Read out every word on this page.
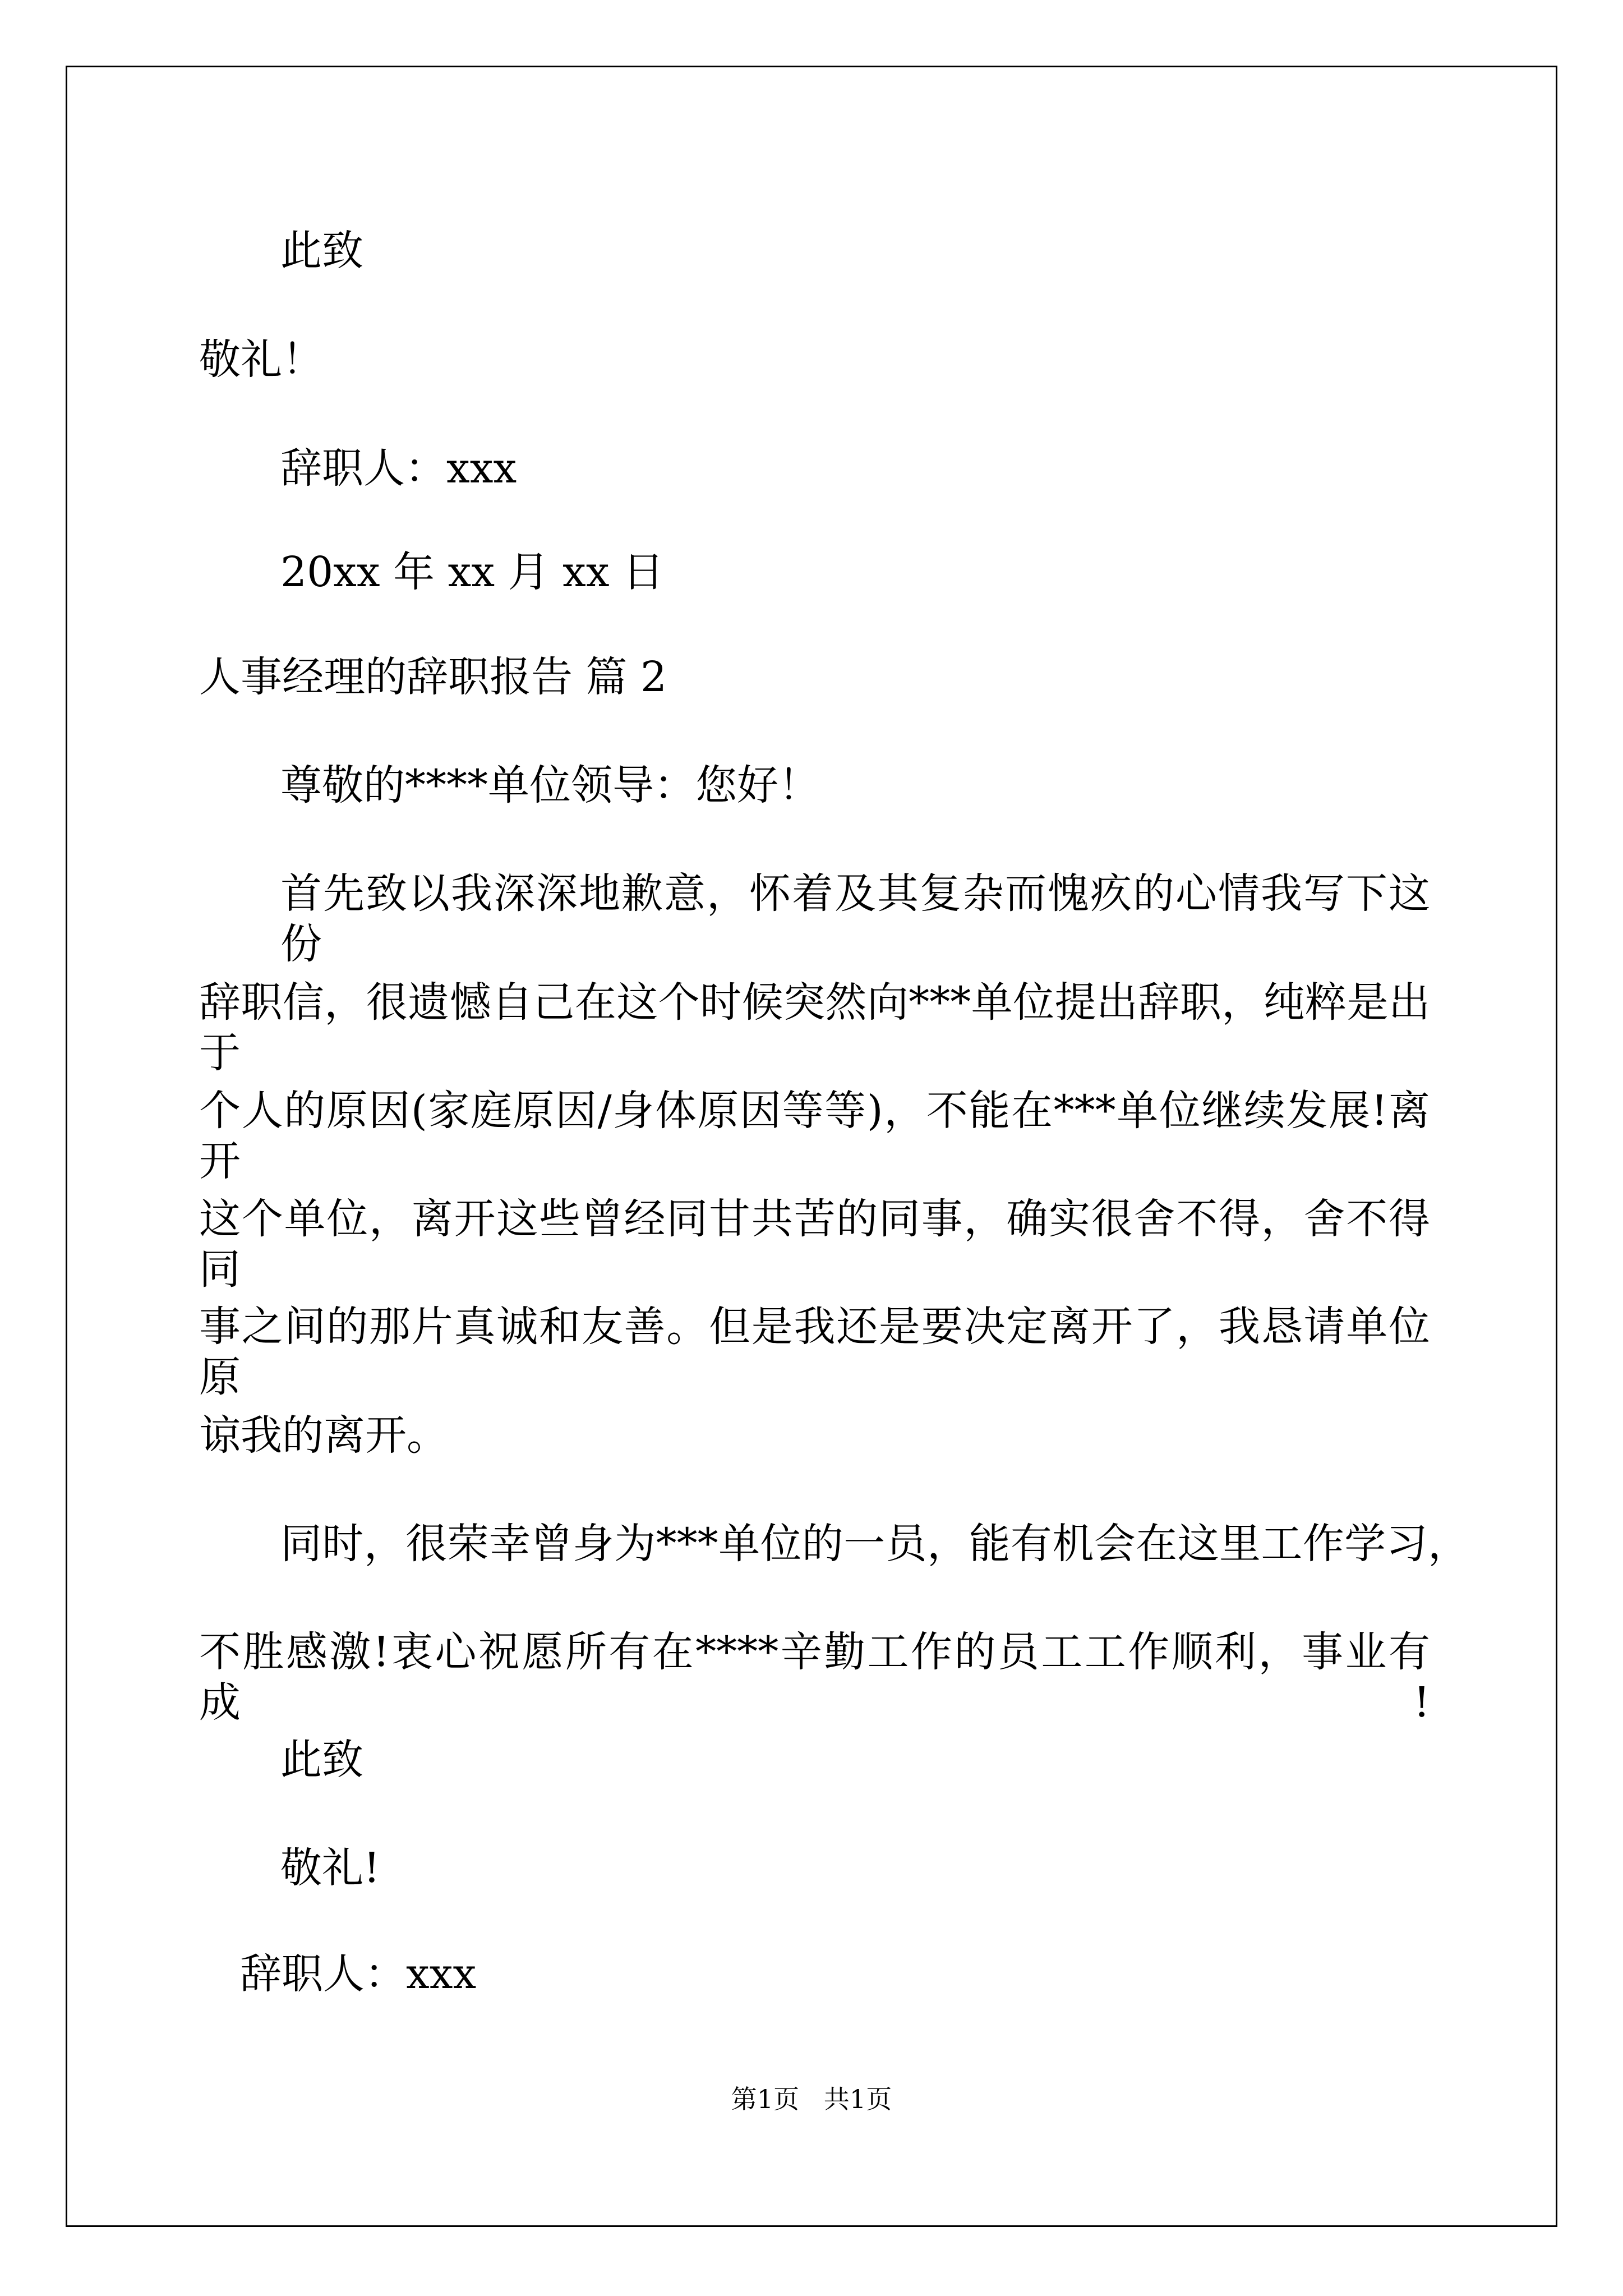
此致
敬礼！
辞职人：xxx
20xx 年 xx 月 xx 日
人事经理的辞职报告 篇 2
尊敬的****单位领导：您好！
首先致以我深深地歉意，怀着及其复杂而愧疚的心情我写下这份
辞职信，很遗憾自己在这个时候突然向***单位提出辞职，纯粹是出于
个人的原因(家庭原因/身体原因等等)，不能在***单位继续发展!离开
这个单位，离开这些曾经同甘共苦的同事，确实很舍不得，舍不得同
事之间的那片真诚和友善。但是我还是要决定离开了，我恳请单位原
谅我的离开。
同时，很荣幸曾身为***单位的一员，能有机会在这里工作学习，
不胜感激!衷心祝愿所有在****辛勤工作的员工工作顺利，事业有成!
此致
敬礼!
辞职人：xxx
第1页   共1页
